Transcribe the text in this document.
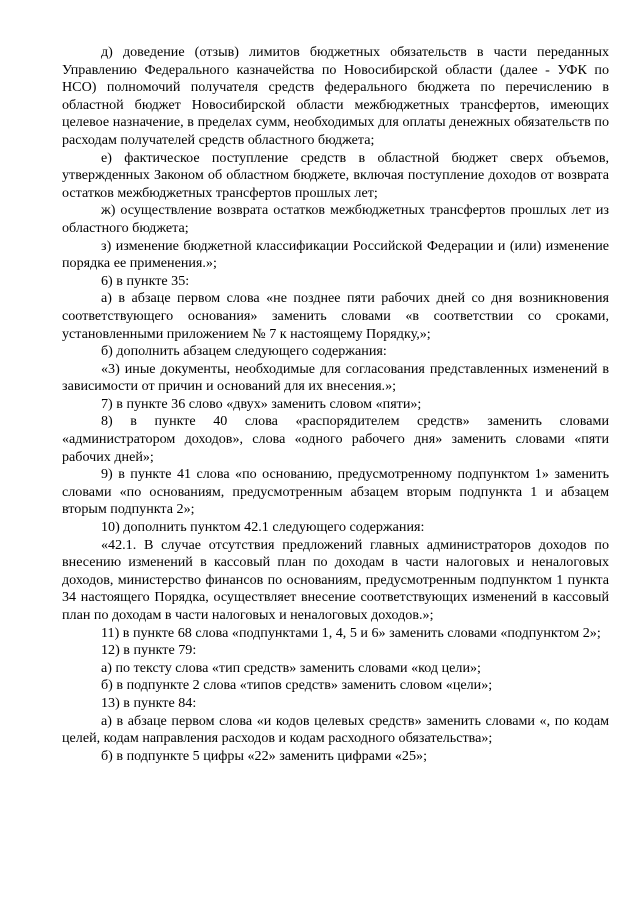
д) доведение (отзыв) лимитов бюджетных обязательств в части переданных Управлению Федерального казначейства по Новосибирской области (далее - УФК по НСО) полномочий получателя средств федерального бюджета по перечислению в областной бюджет Новосибирской области межбюджетных трансфертов, имеющих целевое назначение, в пределах сумм, необходимых для оплаты денежных обязательств по расходам получателей средств областного бюджета;

е) фактическое поступление средств в областной бюджет сверх объемов, утвержденных Законом об областном бюджете, включая поступление доходов от возврата остатков межбюджетных трансфертов прошлых лет;

ж) осуществление возврата остатков межбюджетных трансфертов прошлых лет из областного бюджета;

з) изменение бюджетной классификации Российской Федерации и (или) изменение порядка ее применения.»;

6) в пункте 35:

а) в абзаце первом слова «не позднее пяти рабочих дней со дня возникновения соответствующего основания» заменить словами «в соответствии со сроками, установленными приложением № 7 к настоящему Порядку,»;

б) дополнить абзацем следующего содержания:

«3) иные документы, необходимые для согласования представленных изменений в зависимости от причин и оснований для их внесения.»;

7) в пункте 36 слово «двух» заменить словом «пяти»;

8) в пункте 40 слова «распорядителем средств» заменить словами «администратором доходов», слова «одного рабочего дня» заменить словами «пяти рабочих дней»;

9) в пункте 41 слова «по основанию, предусмотренному подпунктом 1» заменить словами «по основаниям, предусмотренным абзацем вторым подпункта 1 и абзацем вторым подпункта 2»;

10) дополнить пунктом 42.1 следующего содержания:

«42.1. В случае отсутствия предложений главных администраторов доходов по внесению изменений в кассовый план по доходам в части налоговых и неналоговых доходов, министерство финансов по основаниям, предусмотренным подпунктом 1 пункта 34 настоящего Порядка, осуществляет внесение соответствующих изменений в кассовый план по доходам в части налоговых и неналоговых доходов.»;

11) в пункте 68 слова «подпунктами 1, 4, 5 и 6» заменить словами «подпунктом 2»;

12) в пункте 79:

а) по тексту слова «тип средств» заменить словами «код цели»;

б) в подпункте 2 слова «типов средств» заменить словом «цели»;

13) в пункте 84:

а) в абзаце первом слова «и кодов целевых средств» заменить словами «, по кодам целей, кодам направления расходов и кодам расходного обязательства»;

б) в подпункте 5 цифры «22» заменить цифрами «25»;
